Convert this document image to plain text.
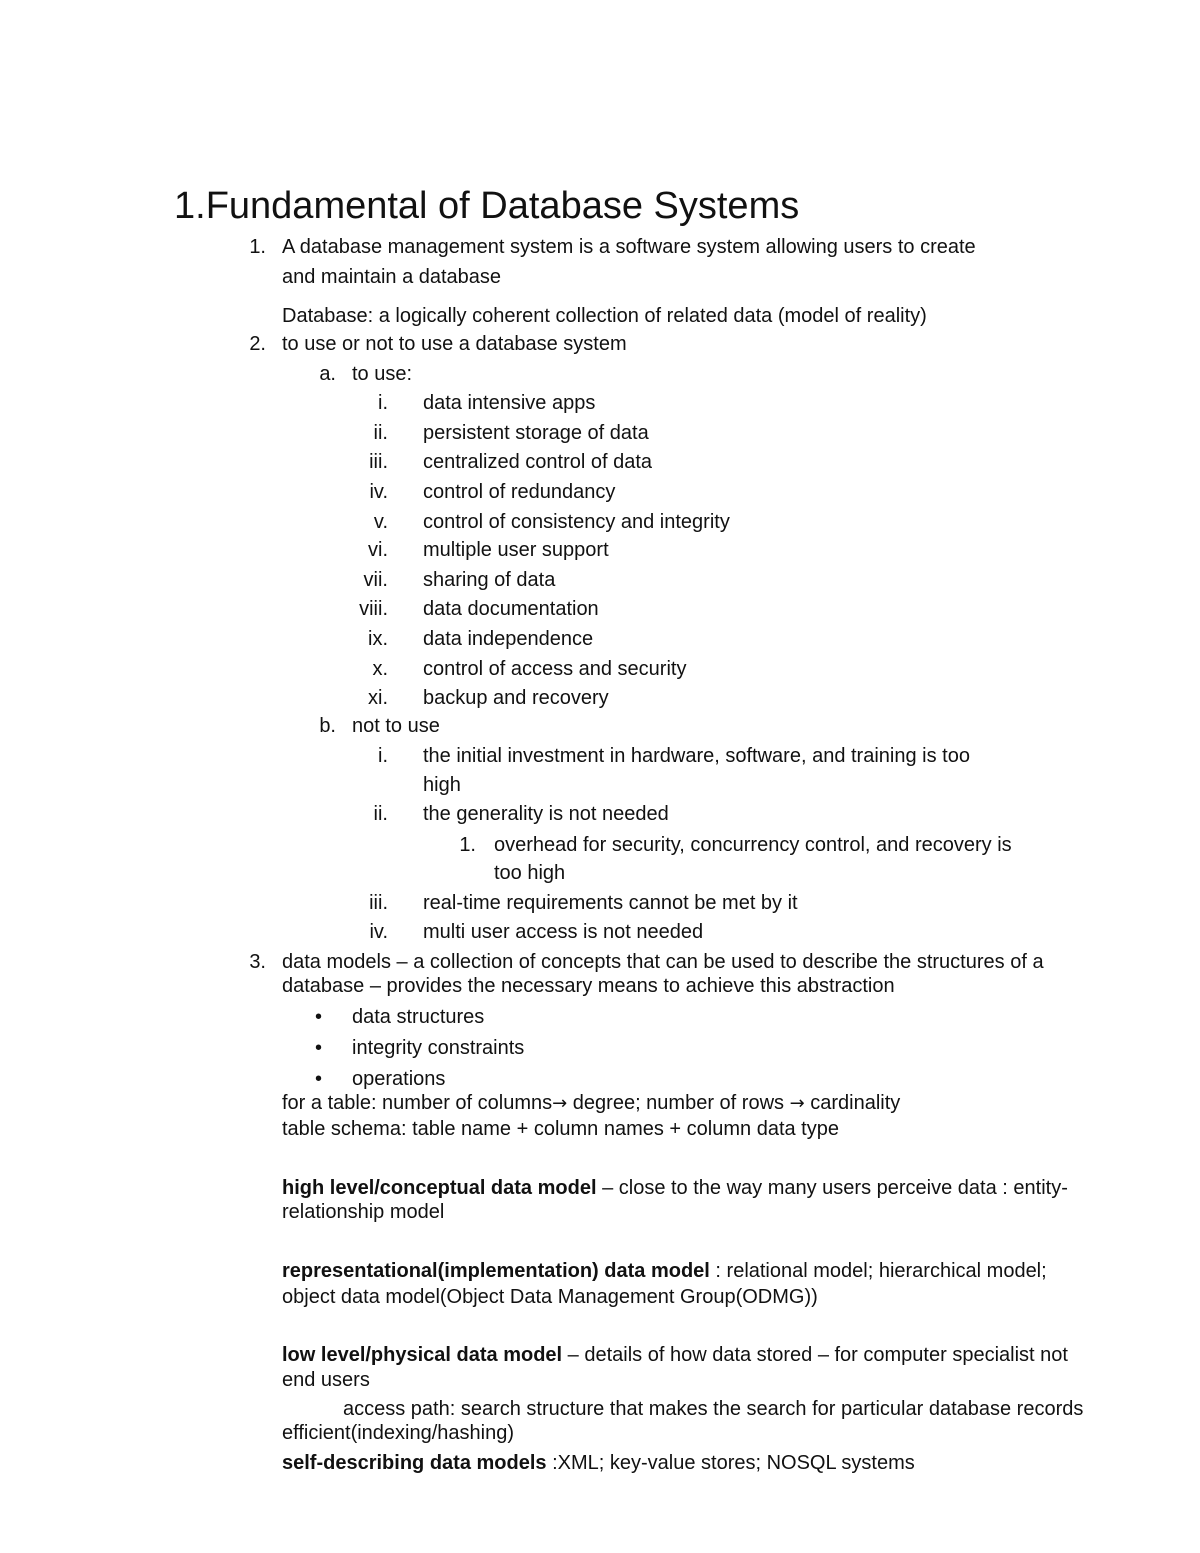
1.Fundamental of Database Systems
1. A database management system is a software system allowing users to create
and maintain a database
Database: a logically coherent collection of related data (model of reality)
2. to use or not to use a database system
a. to use:
i. data intensive apps
ii. persistent storage of data
iii. centralized control of data
iv. control of redundancy
v. control of consistency and integrity
vi. multiple user support
vii. sharing of data
viii. data documentation
ix. data independence
x. control of access and security
xi. backup and recovery
b. not to use
i. the initial investment in hardware, software, and training is too
high
ii. the generality is not needed
1. overhead for security, concurrency control, and recovery is
too high
iii. real-time requirements cannot be met by it
iv. multi user access is not needed
3. data models – a collection of concepts that can be used to describe the structures of a
database – provides the necessary means to achieve this abstraction
• data structures
• integrity constraints
• operations
for a table: number of columns→ degree; number of rows → cardinality
table schema: table name + column names + column data type
high level/conceptual data model – close to the way many users perceive data : entity-
relationship model
representational(implementation) data model : relational model; hierarchical model;
object data model(Object Data Management Group(ODMG))
low level/physical data model – details of how data stored – for computer specialist not
end users
access path: search structure that makes the search for particular database records
efficient(indexing/hashing)
self-describing data models :XML; key-value stores; NOSQL systems
